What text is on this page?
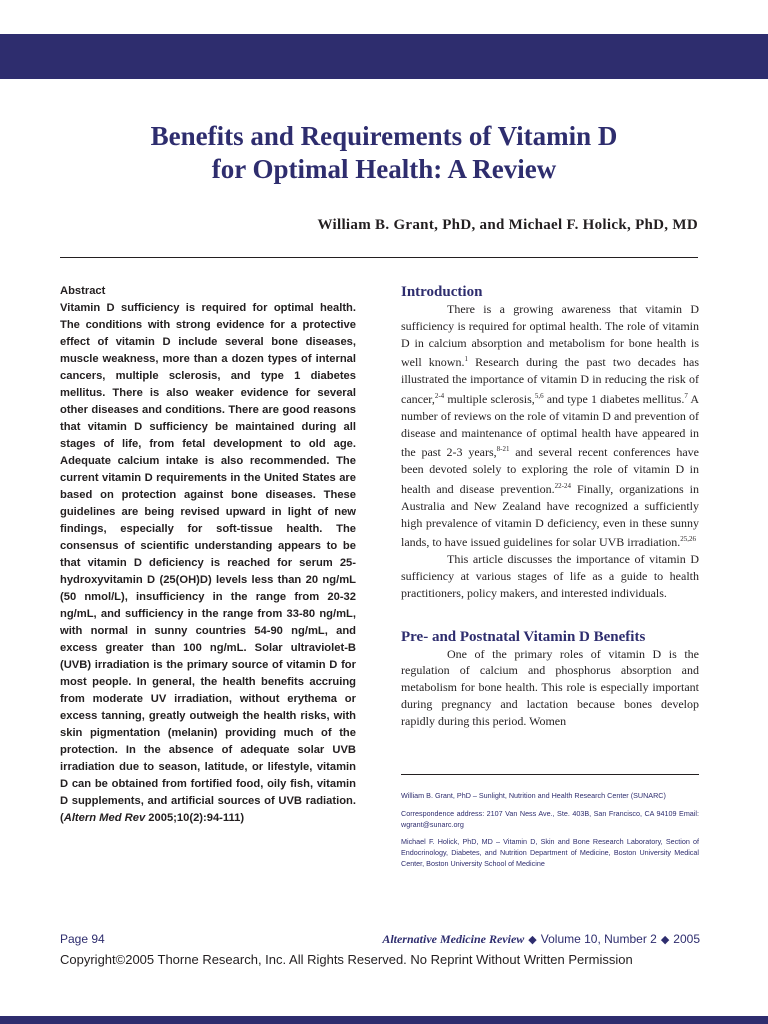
Benefits and Requirements of Vitamin D
for Optimal Health: A Review
William B. Grant, PhD, and Michael F. Holick, PhD, MD
Abstract
Vitamin D sufficiency is required for optimal health. The conditions with strong evidence for a protective effect of vitamin D include several bone diseases, muscle weakness, more than a dozen types of internal cancers, multiple sclerosis, and type 1 diabetes mellitus. There is also weaker evidence for several other diseases and conditions. There are good reasons that vitamin D sufficiency be maintained during all stages of life, from fetal development to old age. Adequate calcium intake is also recommended. The current vitamin D requirements in the United States are based on protection against bone diseases. These guidelines are being revised upward in light of new findings, especially for soft-tissue health. The consensus of scientific understanding appears to be that vitamin D deficiency is reached for serum 25-hydroxyvitamin D (25(OH)D) levels less than 20 ng/mL (50 nmol/L), insufficiency in the range from 20-32 ng/mL, and sufficiency in the range from 33-80 ng/mL, with normal in sunny countries 54-90 ng/mL, and excess greater than 100 ng/mL. Solar ultraviolet-B (UVB) irradiation is the primary source of vitamin D for most people. In general, the health benefits accruing from moderate UV irradiation, without erythema or excess tanning, greatly outweigh the health risks, with skin pigmentation (melanin) providing much of the protection. In the absence of adequate solar UVB irradiation due to season, latitude, or lifestyle, vitamin D can be obtained from fortified food, oily fish, vitamin D supplements, and artificial sources of UVB radiation. (Altern Med Rev 2005;10(2):94-111)
Introduction

There is a growing awareness that vitamin D sufficiency is required for optimal health. The role of vitamin D in calcium absorption and metabolism for bone health is well known.$^1$ Research during the past two decades has illustrated the importance of vitamin D in reducing the risk of cancer,$^{2-4}$ multiple sclerosis,$^{5,6}$ and type 1 diabetes mellitus.$^7$ A number of reviews on the role of vitamin D and prevention of disease and maintenance of optimal health have appeared in the past 2-3 years,$^{8-21}$ and several recent conferences have been devoted solely to exploring the role of vitamin D in health and disease prevention.$^{22-24}$ Finally, organizations in Australia and New Zealand have recognized a sufficiently high prevalence of vitamin D deficiency, even in these sunny lands, to have issued guidelines for solar UVB irradiation.$^{25,26}$

This article discusses the importance of vitamin D sufficiency at various stages of life as a guide to health practitioners, policy makers, and interested individuals.

Pre- and Postnatal Vitamin D Benefits

One of the primary roles of vitamin D is the regulation of calcium and phosphorus absorption and metabolism for bone health. This role is especially important during pregnancy and lactation because bones develop rapidly during this period. Women

William B. Grant, PhD – Sunlight, Nutrition and Health Research Center (SUNARC)

Correspondence address: 2107 Van Ness Ave., Ste. 403B, San Francisco, CA 94109 Email: wgrant@sunarc.org

Michael F. Holick, PhD, MD – Vitamin D, Skin and Bone Research Laboratory, Section of Endocrinology, Diabetes, and Nutrition Department of Medicine, Boston University Medical Center, Boston University School of Medicine

Page 94	Alternative Medicine Review ◆ Volume 10, Number 2 ◆ 2005
Copyright©2005 Thorne Research, Inc. All Rights Reserved. No Reprint Without Written Permission
